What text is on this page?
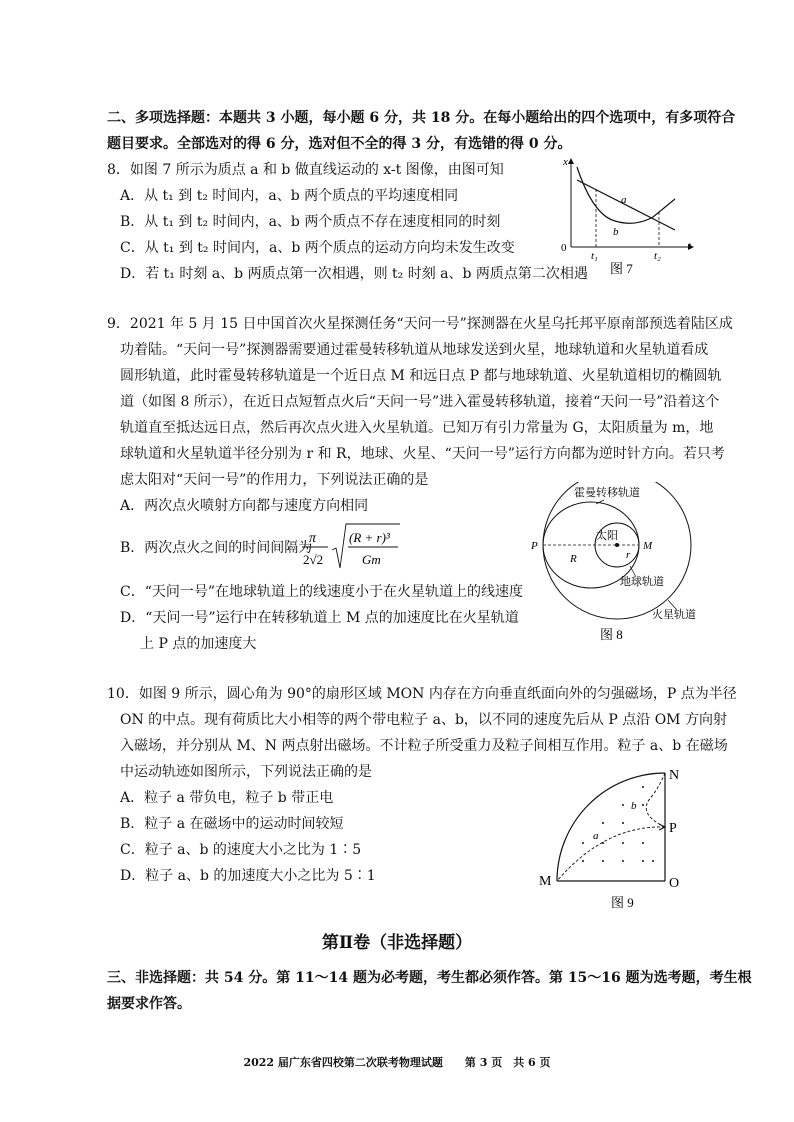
二、多项选择题：本题共 3 小题，每小题 6 分，共 18 分。在每小题给出的四个选项中，有多项符合
题目要求。全部选对的得 6 分，选对但不全的得 3 分，有选错的得 0 分。
8．如图 7 所示为质点 a 和 b 做直线运动的 x-t 图像，由图可知
A．从 t₁ 到 t₂ 时间内，a、b 两个质点的平均速度相同
B．从 t₁ 到 t₂ 时间内，a、b 两个质点不存在速度相同的时刻
C．从 t₁ 到 t₂ 时间内，a、b 两个质点的运动方向均未发生改变
D．若 t₁ 时刻 a、b 两质点第一次相遇，则 t₂ 时刻 a、b 两质点第二次相遇
x
t
0
t₁	t₂
a
b
图 7
9．2021 年 5 月 15 日中国首次火星探测任务“天问一号”探测器在火星乌托邦平原南部预选着陆区成
功着陆。“天问一号”探测器需要通过霍曼转移轨道从地球发送到火星，地球轨道和火星轨道看成
圆形轨道，此时霍曼转移轨道是一个近日点 M 和远日点 P 都与地球轨道、火星轨道相切的椭圆轨
道（如图 8 所示），在近日点短暂点火后“天问一号”进入霍曼转移轨道，接着“天问一号”沿着这个
轨道直至抵达远日点，然后再次点火进入火星轨道。已知万有引力常量为 G，太阳质量为 m，地
球轨道和火星轨道半径分别为 r 和 R，地球、火星、“天问一号”运行方向都为逆时针方向。若只考
虑太阳对“天问一号”的作用力，下列说法正确的是
A．两次点火喷射方向都与速度方向相同
B．两次点火之间的时间间隔为
π
2√2
(R + r)³
Gm
C．“天问一号”在地球轨道上的线速度小于在火星轨道上的线速度
D．“天问一号”运行中在转移轨道上 M 点的加速度比在火星轨道
上 P 点的加速度大
P	M
太阳
R	r
霍曼转移轨道
地球轨道
火星轨道
图 8
10．如图 9 所示，圆心角为 90°的扇形区域 MON 内存在方向垂直纸面向外的匀强磁场，P 点为半径
ON 的中点。现有荷质比大小相等的两个带电粒子 a、b，以不同的速度先后从 P 点沿 OM 方向射
入磁场，并分别从 M、N 两点射出磁场。不计粒子所受重力及粒子间相互作用。粒子 a、b 在磁场
中运动轨迹如图所示，下列说法正确的是
A．粒子 a 带负电，粒子 b 带正电
B．粒子 a 在磁场中的运动时间较短
C．粒子 a、b 的速度大小之比为 1∶5
D．粒子 a、b 的加速度大小之比为 5∶1
N
P
M	O
b
a
图 9
第Ⅱ卷（非选择题）
三、非选择题：共 54 分。第 11～14 题为必考题，考生都必须作答。第 15～16 题为选考题，考生根
据要求作答。
2022 届广东省四校第二次联考物理试题　　第 3 页　共 6 页
